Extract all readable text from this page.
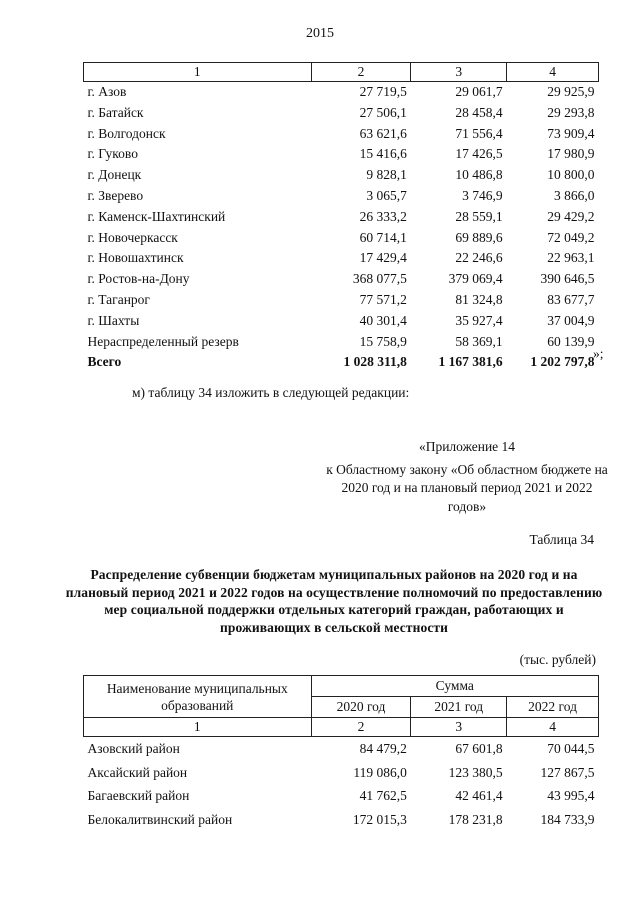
2015
1	2	3	4
г. Азов	27 719,5	29 061,7	29 925,9
г. Батайск	27 506,1	28 458,4	29 293,8
г. Волгодонск	63 621,6	71 556,4	73 909,4
г. Гуково	15 416,6	17 426,5	17 980,9
г. Донецк	9 828,1	10 486,8	10 800,0
г. Зверево	3 065,7	3 746,9	3 866,0
г. Каменск-Шахтинский	26 333,2	28 559,1	29 429,2
г. Новочеркасск	60 714,1	69 889,6	72 049,2
г. Новошахтинск	17 429,4	22 246,6	22 963,1
г. Ростов-на-Дону	368 077,5	379 069,4	390 646,5
г. Таганрог	77 571,2	81 324,8	83 677,7
г. Шахты	40 301,4	35 927,4	37 004,9
Нераспределенный резерв	15 758,9	58 369,1	60 139,9
Всего	1 028 311,8	1 167 381,6	1 202 797,8
»;
м) таблицу 34 изложить в следующей редакции:
«Приложение 14
к Областному закону «Об областном бюджете на 2020 год и на плановый период 2021 и 2022 годов»
Таблица 34
Распределение субвенции бюджетам муниципальных районов на 2020 год и на плановый период 2021 и 2022 годов на осуществление полномочий по предоставлению мер социальной поддержки отдельных категорий граждан, работающих и проживающих в сельской местности
(тыс. рублей)
Наименование муниципальных образований	Сумма		
	2020 год	2021 год	2022 год
1	2	3	4
Азовский район	84 479,2	67 601,8	70 044,5
Аксайский район	119 086,0	123 380,5	127 867,5
Багаевский район	41 762,5	42 461,4	43 995,4
Белокалитвинский район	172 015,3	178 231,8	184 733,9
